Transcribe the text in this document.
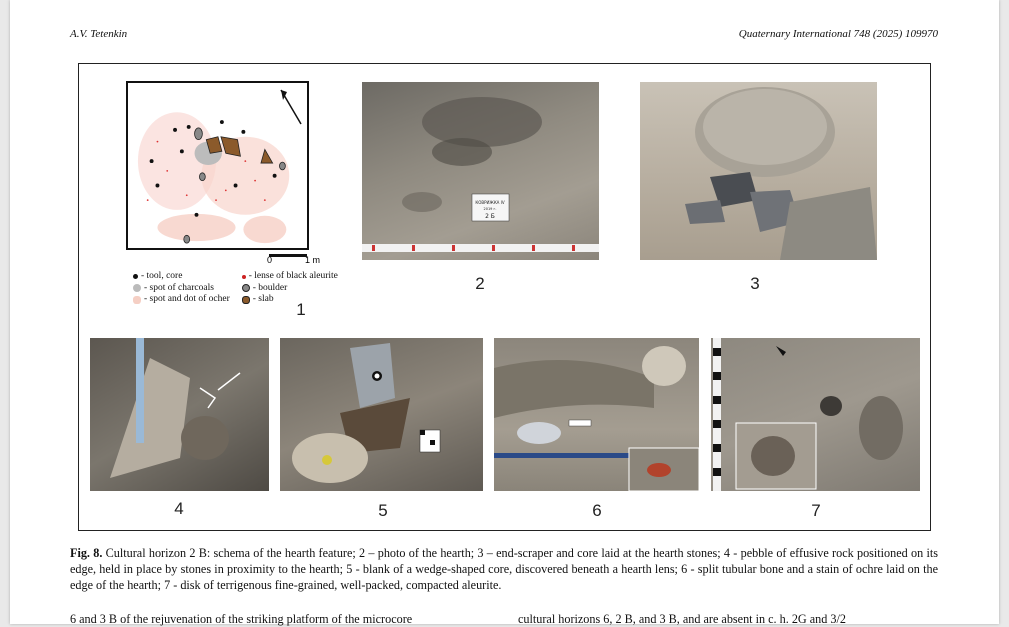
A.V. Tetenkin	Quaternary International 748 (2025) 109970
0	1 m
- tool, core
- spot of charcoals
- spot and dot of ocher
- lense of black aleurite
- boulder
- slab
1
КОВРИЖКА IV
2019 г.
2 Б
2	3
4	5	6	7
Fig. 8. Cultural horizon 2 B: schema of the hearth feature; 2 – photo of the hearth; 3 – end-scraper and core laid at the hearth stones; 4 - pebble of effusive rock positioned on its edge, held in place by stones in proximity to the hearth; 5 - blank of a wedge-shaped core, discovered beneath a hearth lens; 6 - split tubular bone and a stain of ochre laid on the edge of the hearth; 7 - disk of terrigenous fine-grained, well-packed, compacted aleurite.
6 and 3 B of the rejuvenation of the striking platform of the microcore	cultural horizons 6, 2 B, and 3 B, and are absent in c. h. 2G and 3/2
